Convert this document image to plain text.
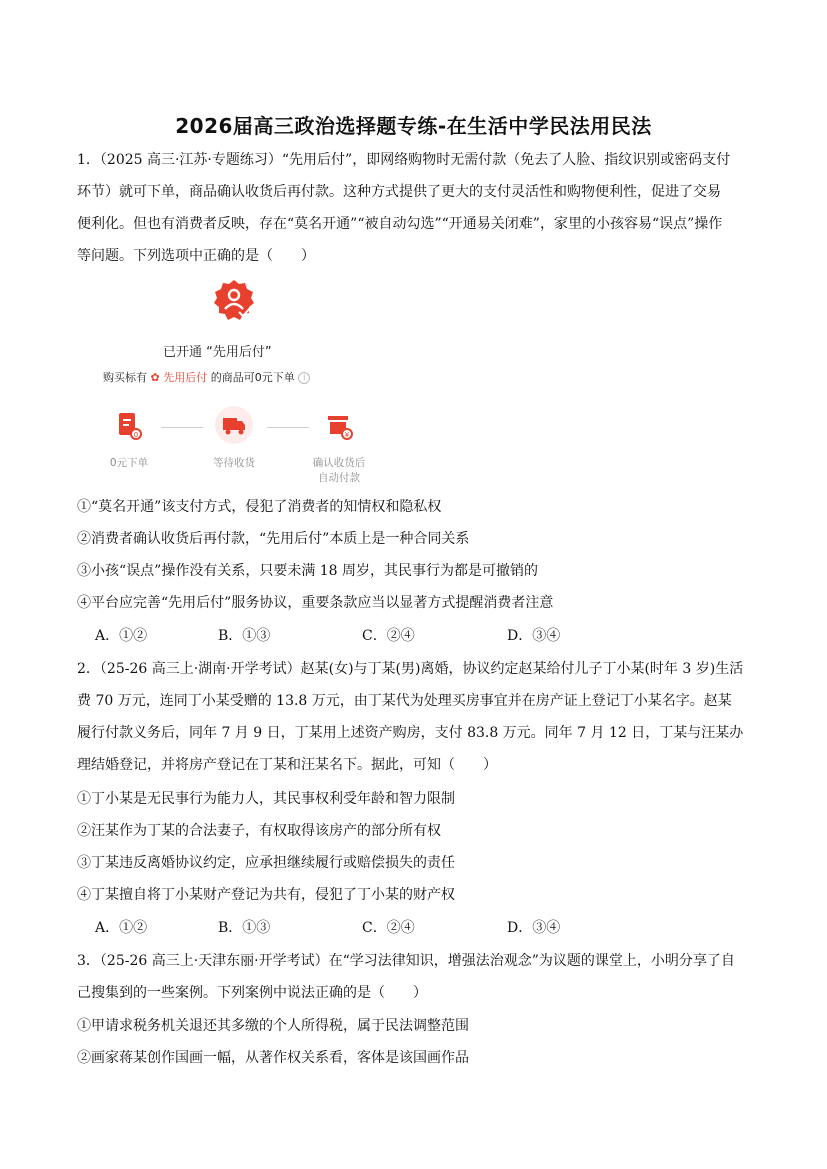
2026届高三政治选择题专练-在生活中学民法用民法
1．（2025 高三·江苏·专题练习）“先用后付”，即网络购物时无需付款（免去了人脸、指纹识别或密码支付
环节）就可下单，商品确认收货后再付款。这种方式提供了更大的支付灵活性和购物便利性，促进了交易
便利化。但也有消费者反映，存在“莫名开通”“被自动勾选”“开通易关闭难”，家里的小孩容易“误点”操作
等问题。下列选项中正确的是（　　）
已开通 “先用后付”
购买标有 ✿ 先用后付 的商品可0元下单 i
0	¥
0元下单	等待收货	确认收货后
自动付款
①“莫名开通”该支付方式，侵犯了消费者的知情权和隐私权
②消费者确认收货后再付款，“先用后付”本质上是一种合同关系
③小孩“误点”操作没有关系，只要未满 18 周岁，其民事行为都是可撤销的
④平台应完善“先用后付”服务协议，重要条款应当以显著方式提醒消费者注意
A．①②	B．①③	C．②④	D．③④
2．（25-26 高三上·湖南·开学考试）赵某(女)与丁某(男)离婚，协议约定赵某给付儿子丁小某(时年 3 岁)生活
费 70 万元，连同丁小某受赠的 13.8 万元，由丁某代为处理买房事宜并在房产证上登记丁小某名字。赵某
履行付款义务后，同年 7 月 9 日，丁某用上述资产购房，支付 83.8 万元。同年 7 月 12 日，丁某与汪某办
理结婚登记，并将房产登记在丁某和汪某名下。据此，可知（　　）
①丁小某是无民事行为能力人，其民事权利受年龄和智力限制
②汪某作为丁某的合法妻子，有权取得该房产的部分所有权
③丁某违反离婚协议约定，应承担继续履行或赔偿损失的责任
④丁某擅自将丁小某财产登记为共有，侵犯了丁小某的财产权
A．①②	B．①③	C．②④	D．③④
3．（25-26 高三上·天津东丽·开学考试）在“学习法律知识，增强法治观念”为议题的课堂上，小明分享了自
己搜集到的一些案例。下列案例中说法正确的是（　　）
①甲请求税务机关退还其多缴的个人所得税，属于民法调整范围
②画家蒋某创作国画一幅，从著作权关系看，客体是该国画作品
